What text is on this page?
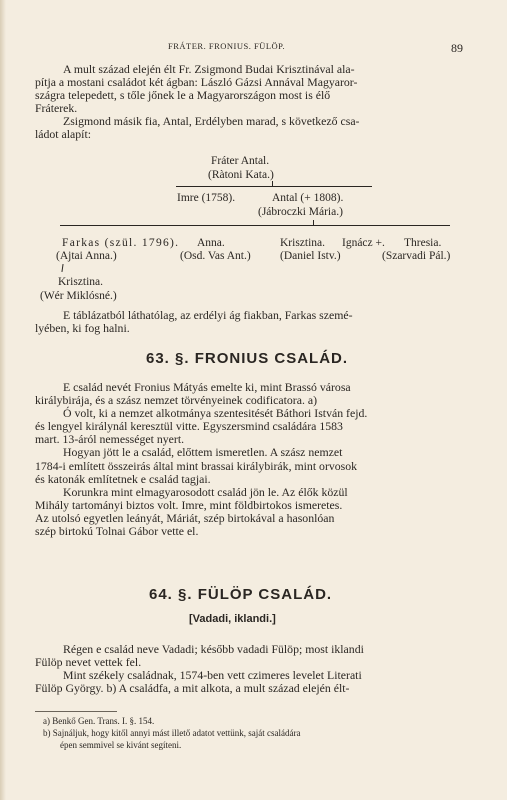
FRÁTER. FRONIUS. FÜLÖP.	89
A mult század elején élt Fr. Zsigmond Budai Krisztinával ala-
pítja a mostani családot két ágban: László Gázsi Annával Magyaror-
szágra telepedett, s tőle jőnek le a Magyarországon most is élő
Fráterek.
Zsigmond másik fia, Antal, Erdélyben marad, s következő csa-
ládot alapít:
Fráter Antal.
(Ràtoni Kata.)
Imre (1758).	Antal (+ 1808).
(Jábroczki Mária.)
Farkas (szül. 1796).
(Ajtai Anna.)
Anna.
(Osd. Vas Ant.)
Krisztina.
(Daniel Istv.)
Ignácz +. Thresia.
(Szarvadi Pál.)
Krisztina.
(Wér Miklósné.)
E táblázatból láthatólag, az erdélyi ág fiakban, Farkas szemé-
lyében, ki fog halni.
63. §. FRONIUS CSALÁD.
E család nevét Fronius Mátyás emelte ki, mint Brassó városa
királybirája, és a szász nemzet törvényeinek codificatora. a)
Ó volt, ki a nemzet alkotmánya szentesitését Báthori István fejd.
és lengyel királynál keresztül vitte. Egyszersmind családára 1583
mart. 13-áról nemességet nyert.
Hogyan jött le a család, előttem ismeretlen. A szász nemzet
1784-i említett összeirás által mint brassai királybirák, mint orvosok
és katonák említetnek e család tagjai.
Korunkra mint elmagyarosodott család jön le. Az élők közül
Mihály tartományi biztos volt. Imre, mint földbirtokos ismeretes.
Az utolsó egyetlen leányát, Máriát, szép birtokával a hasonlóan
szép birtokú Tolnai Gábor vette el.
64. §. FÜLÖP CSALÁD.
[Vadadi, iklandi.]
Régen e család neve Vadadi; később vadadi Fülöp; most iklandi
Fülöp nevet vettek fel.
Mint székely családnak, 1574-ben vett czimeres levelet Literati
Fülöp György. b) A családfa, a mit alkota, a mult század elején élt-
a) Benkő Gen. Trans. I. §. 154.
b) Sajnáljuk, hogy kitől annyi mást illető adatot vettünk, saját családára
épen semmivel se kivánt segíteni.
